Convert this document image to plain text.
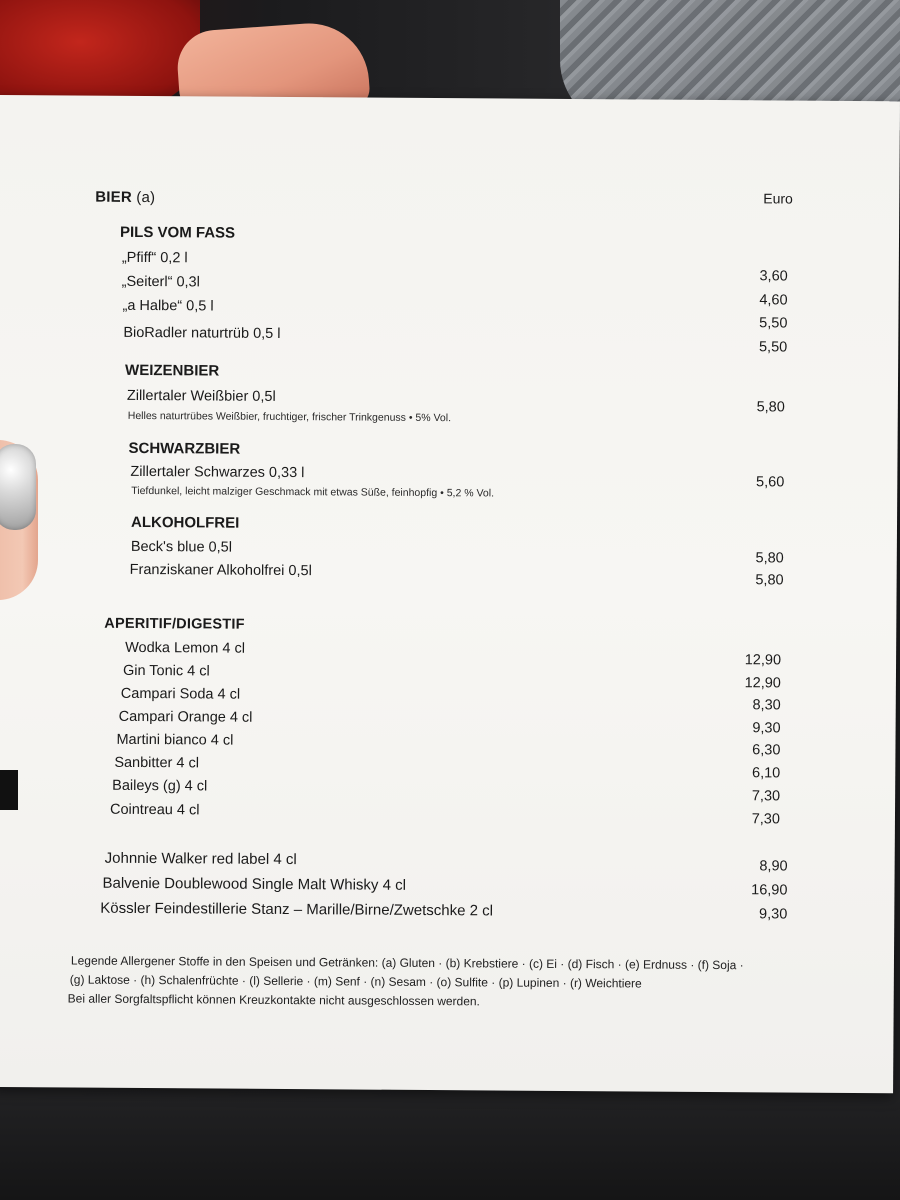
BIER (a)	Euro
PILS VOM FASS
„Pfiff“ 0,2 l
„Seiterl“ 0,3l
„a Halbe“ 0,5 l
BioRadler naturtrüb 0,5 l
3,60
4,60
5,50
5,50
WEIZENBIER
Zillertaler Weißbier 0,5l
Helles naturtrübes Weißbier, fruchtiger, frischer Trinkgenuss • 5% Vol.
5,80
SCHWARZBIER
Zillertaler Schwarzes 0,33 l
Tiefdunkel, leicht malziger Geschmack mit etwas Süße, feinhopfig • 5,2 % Vol.
5,60
ALKOHOLFREI
Beck's blue 0,5l
Franziskaner Alkoholfrei 0,5l
5,80
5,80
APERITIF/DIGESTIF
Wodka Lemon 4 cl
Gin Tonic 4 cl
Campari Soda 4 cl
Campari Orange 4 cl
Martini bianco 4 cl
Sanbitter 4 cl
Baileys (g) 4 cl
Cointreau 4 cl
12,90
12,90
8,30
9,30
6,30
6,10
7,30
7,30
Johnnie Walker red label 4 cl
Balvenie Doublewood Single Malt Whisky 4 cl
Kössler Feindestillerie Stanz – Marille/Birne/Zwetschke 2 cl
8,90
16,90
9,30
Legende Allergener Stoffe in den Speisen und Getränken: (a) Gluten · (b) Krebstiere · (c) Ei · (d) Fisch · (e) Erdnuss · (f) Soja ·
(g) Laktose · (h) Schalenfrüchte · (l) Sellerie · (m) Senf · (n) Sesam · (o) Sulfite · (p) Lupinen · (r) Weichtiere
Bei aller Sorgfaltspflicht können Kreuzkontakte nicht ausgeschlossen werden.
